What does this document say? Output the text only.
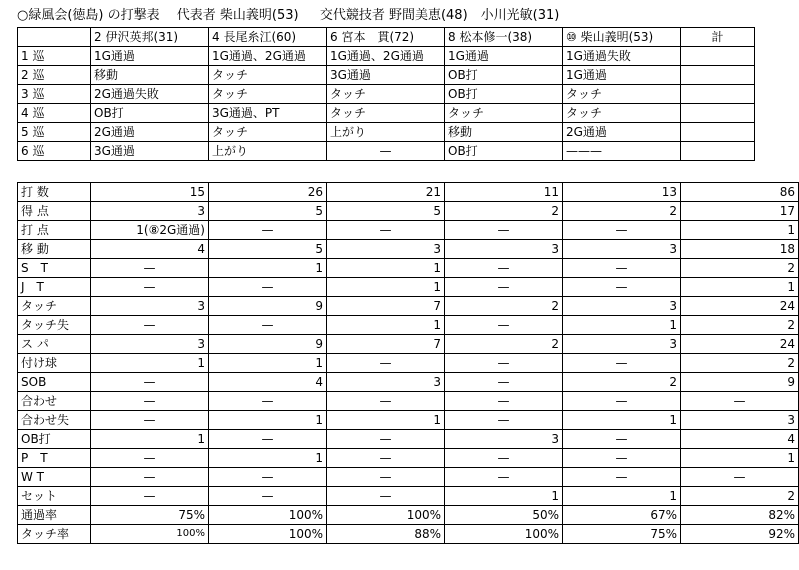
○緑風会(徳島) の打撃表　 代表者 柴山義明(53)　  交代競技者 野間美恵(48)　小川光敏(31)
	2 伊沢英邦(31)	4 長尾糸江(60)	6 宮本　貫(72)	8 松本修一(38)	⑩ 柴山義明(53)	計
1 巡	1G通過	1G通過、2G通過	1G通過、2G通過	1G通過	1G通過失敗	
2 巡	移動	タッチ	3G通過	OB打	1G通過	
3 巡	2G通過失敗	タッチ	タッチ	OB打	タッチ	
4 巡	OB打	3G通過、PT	タッチ	タッチ	タッチ	
5 巡	2G通過	タッチ	上がり	移動	2G通過	
6 巡	3G通過	上がり	—	OB打	———	
打 数	15	26	21	11	13	86
得 点	3	5	5	2	2	17
打 点	1(⑧2G通過)	—	—	—	—	1
移 動	4	5	3	3	3	18
S　T	—	1	1	—	—	2
J　T	—	—	1	—	—	1
タッチ	3	9	7	2	3	24
タッチ失	—	—	1	—	1	2
ス パ	3	9	7	2	3	24
付け球	1	1	—	—	—	2
SOB	—	4	3	—	2	9
合わせ	—	—	—	—	—	—
合わせ失	—	1	1	—	1	3
OB打	1	—	—	3	—	4
P　T	—	1	—	—	—	1
W T	—	—	—	—	—	—
セット	—	—	—	1	1	2
通過率	75%	100%	100%	50%	67%	82%
タッチ率	100%	100%	88%	100%	75%	92%
